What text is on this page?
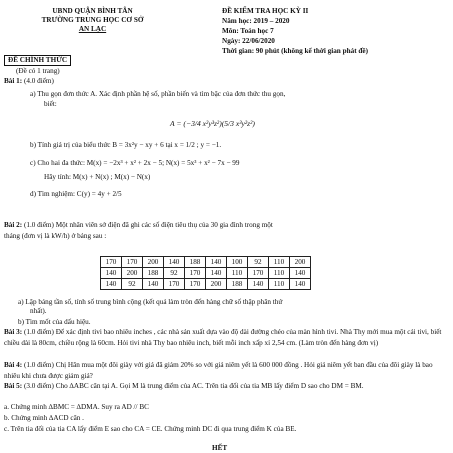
UBND QUẬN BÌNH TÂN
TRƯỜNG TRUNG HỌC CƠ SỞ
AN LẠC
ĐỀ KIỂM TRA HỌC KỲ II
Năm học: 2019 – 2020
Môn: Toán học 7
Ngày: 22/06/2020
Thời gian: 90 phút (không kể thời gian phát đề)
ĐỀ CHÍNH THỨC
(Đề có 1 trang)
Bài 1: (4.0 điểm)
a) Thu gọn đơn thức A. Xác định phần hệ số, phần biến và tìm bậc của đơn thức thu gọn,
biết:
A = (−3/4 x²y³z²)(5/3 x³y²z²)
b) Tính giá trị của biểu thức B = 3x²y − xy + 6 tại x = 1/2 ; y = −1.
c) Cho hai đa thức: M(x) = −2x³ + x² + 2x − 5; N(x) = 5x³ + x² − 7x − 99
Hãy tính: M(x) + N(x) ; M(x) − N(x)
d) Tìm nghiệm: C(y) = 4y + 2/5
Bài 2: (1.0 điểm) Một nhân viên sở điện đã ghi các số điện tiêu thụ của 30 gia đình trong một
tháng (đơn vị là kW/h) ở bảng sau :
170	170	200	140	188	140	100	92	110	200
140	200	188	92	170	140	110	170	110	140
140	92	140	170	170	200	188	140	110	140
a) Lập bảng tần số, tính số trung bình cộng (kết quả làm tròn đến hàng chữ số thập phân thứ
nhất).
b) Tìm mốt của dấu hiệu.
Bài 3: (1.0 điểm) Để xác định tivi bao nhiêu inches , các nhà sản xuất dựa vào độ dài đường chéo của màn hình tivi. Nhà Thy mới mua một cái tivi, biết chiều dài là 80cm, chiều rộng là 60cm. Hỏi tivi nhà Thy bao nhiêu inch, biết mỗi inch xấp xỉ 2,54 cm. (Làm tròn đến hàng đơn vị)
Bài 4: (1.0 điểm) Chị Hân mua một đôi giày với giá đã giảm 20% so với giá niêm yết là 600 000 đồng . Hỏi giá niêm yết ban đầu của đôi giày là bao nhiêu khi chưa được giảm giá?
Bài 5: (3.0 điểm) Cho ∆ABC cân tại A. Gọi M là trung điểm của AC. Trên tia đối của tia MB lấy điểm D sao cho DM = BM.
a. Chứng minh ∆BMC = ∆DMA. Suy ra AD // BC
b. Chứng minh ∆ACD cân .
c. Trên tia đối của tia CA lấy điểm E sao cho CA = CE. Chứng minh DC đi qua trung điểm K của BE.
HẾT
